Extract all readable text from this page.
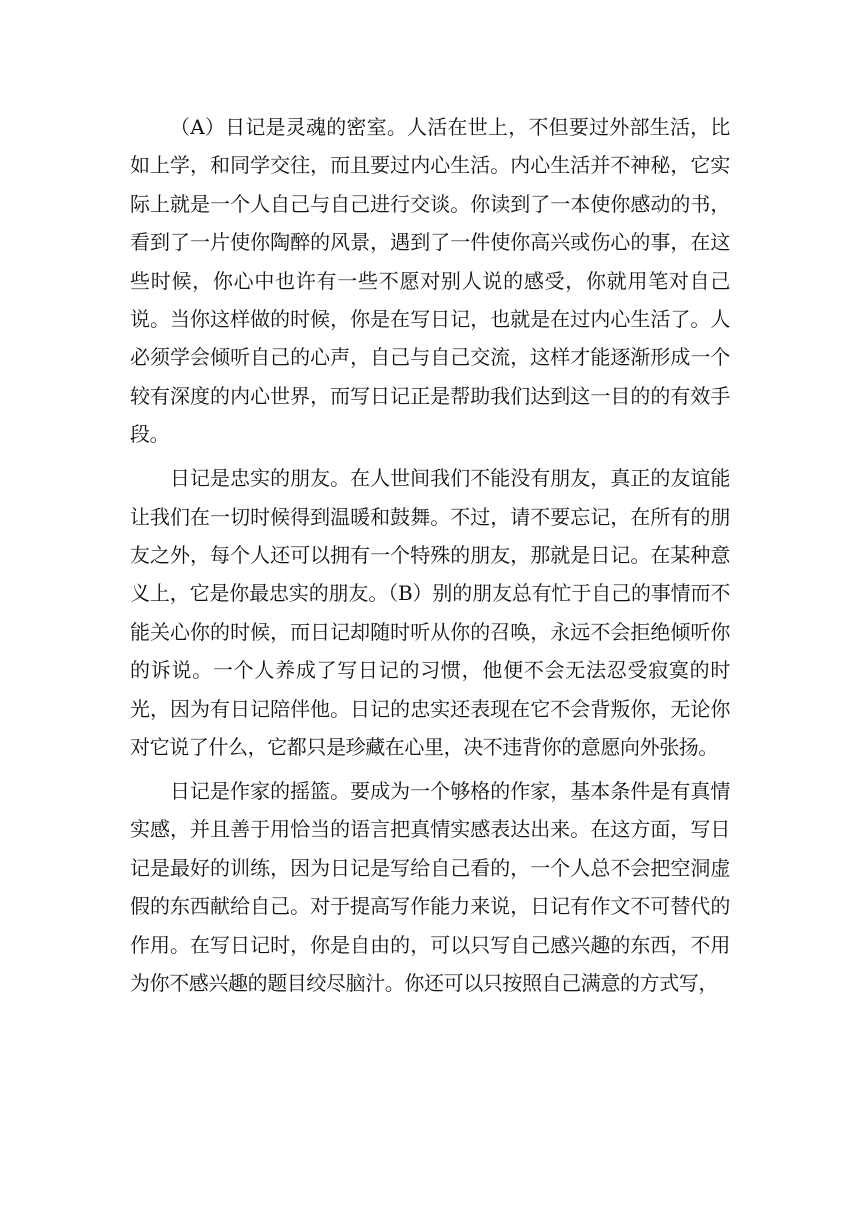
（A）日记是灵魂的密室。人活在世上，不但要过外部生活，比如上学，和同学交往，而且要过内心生活。内心生活并不神秘，它实际上就是一个人自己与自己进行交谈。你读到了一本使你感动的书，看到了一片使你陶醉的风景，遇到了一件使你高兴或伤心的事，在这些时候，你心中也许有一些不愿对别人说的感受，你就用笔对自己说。当你这样做的时候，你是在写日记，也就是在过内心生活了。人必须学会倾听自己的心声，自己与自己交流，这样才能逐渐形成一个较有深度的内心世界，而写日记正是帮助我们达到这一目的的有效手段。

日记是忠实的朋友。在人世间我们不能没有朋友，真正的友谊能让我们在一切时候得到温暖和鼓舞。不过，请不要忘记，在所有的朋友之外，每个人还可以拥有一个特殊的朋友，那就是日记。在某种意义上，它是你最忠实的朋友。（B）别的朋友总有忙于自己的事情而不能关心你的时候，而日记却随时听从你的召唤，永远不会拒绝倾听你的诉说。一个人养成了写日记的习惯，他便不会无法忍受寂寞的时光，因为有日记陪伴他。日记的忠实还表现在它不会背叛你，无论你对它说了什么，它都只是珍藏在心里，决不违背你的意愿向外张扬。

日记是作家的摇篮。要成为一个够格的作家，基本条件是有真情实感，并且善于用恰当的语言把真情实感表达出来。在这方面，写日记是最好的训练，因为日记是写给自己看的，一个人总不会把空洞虚假的东西献给自己。对于提高写作能力来说，日记有作文不可替代的作用。在写日记时，你是自由的，可以只写自己感兴趣的东西，不用为你不感兴趣的题目绞尽脑汁。你还可以只按照自己满意的方式写，
